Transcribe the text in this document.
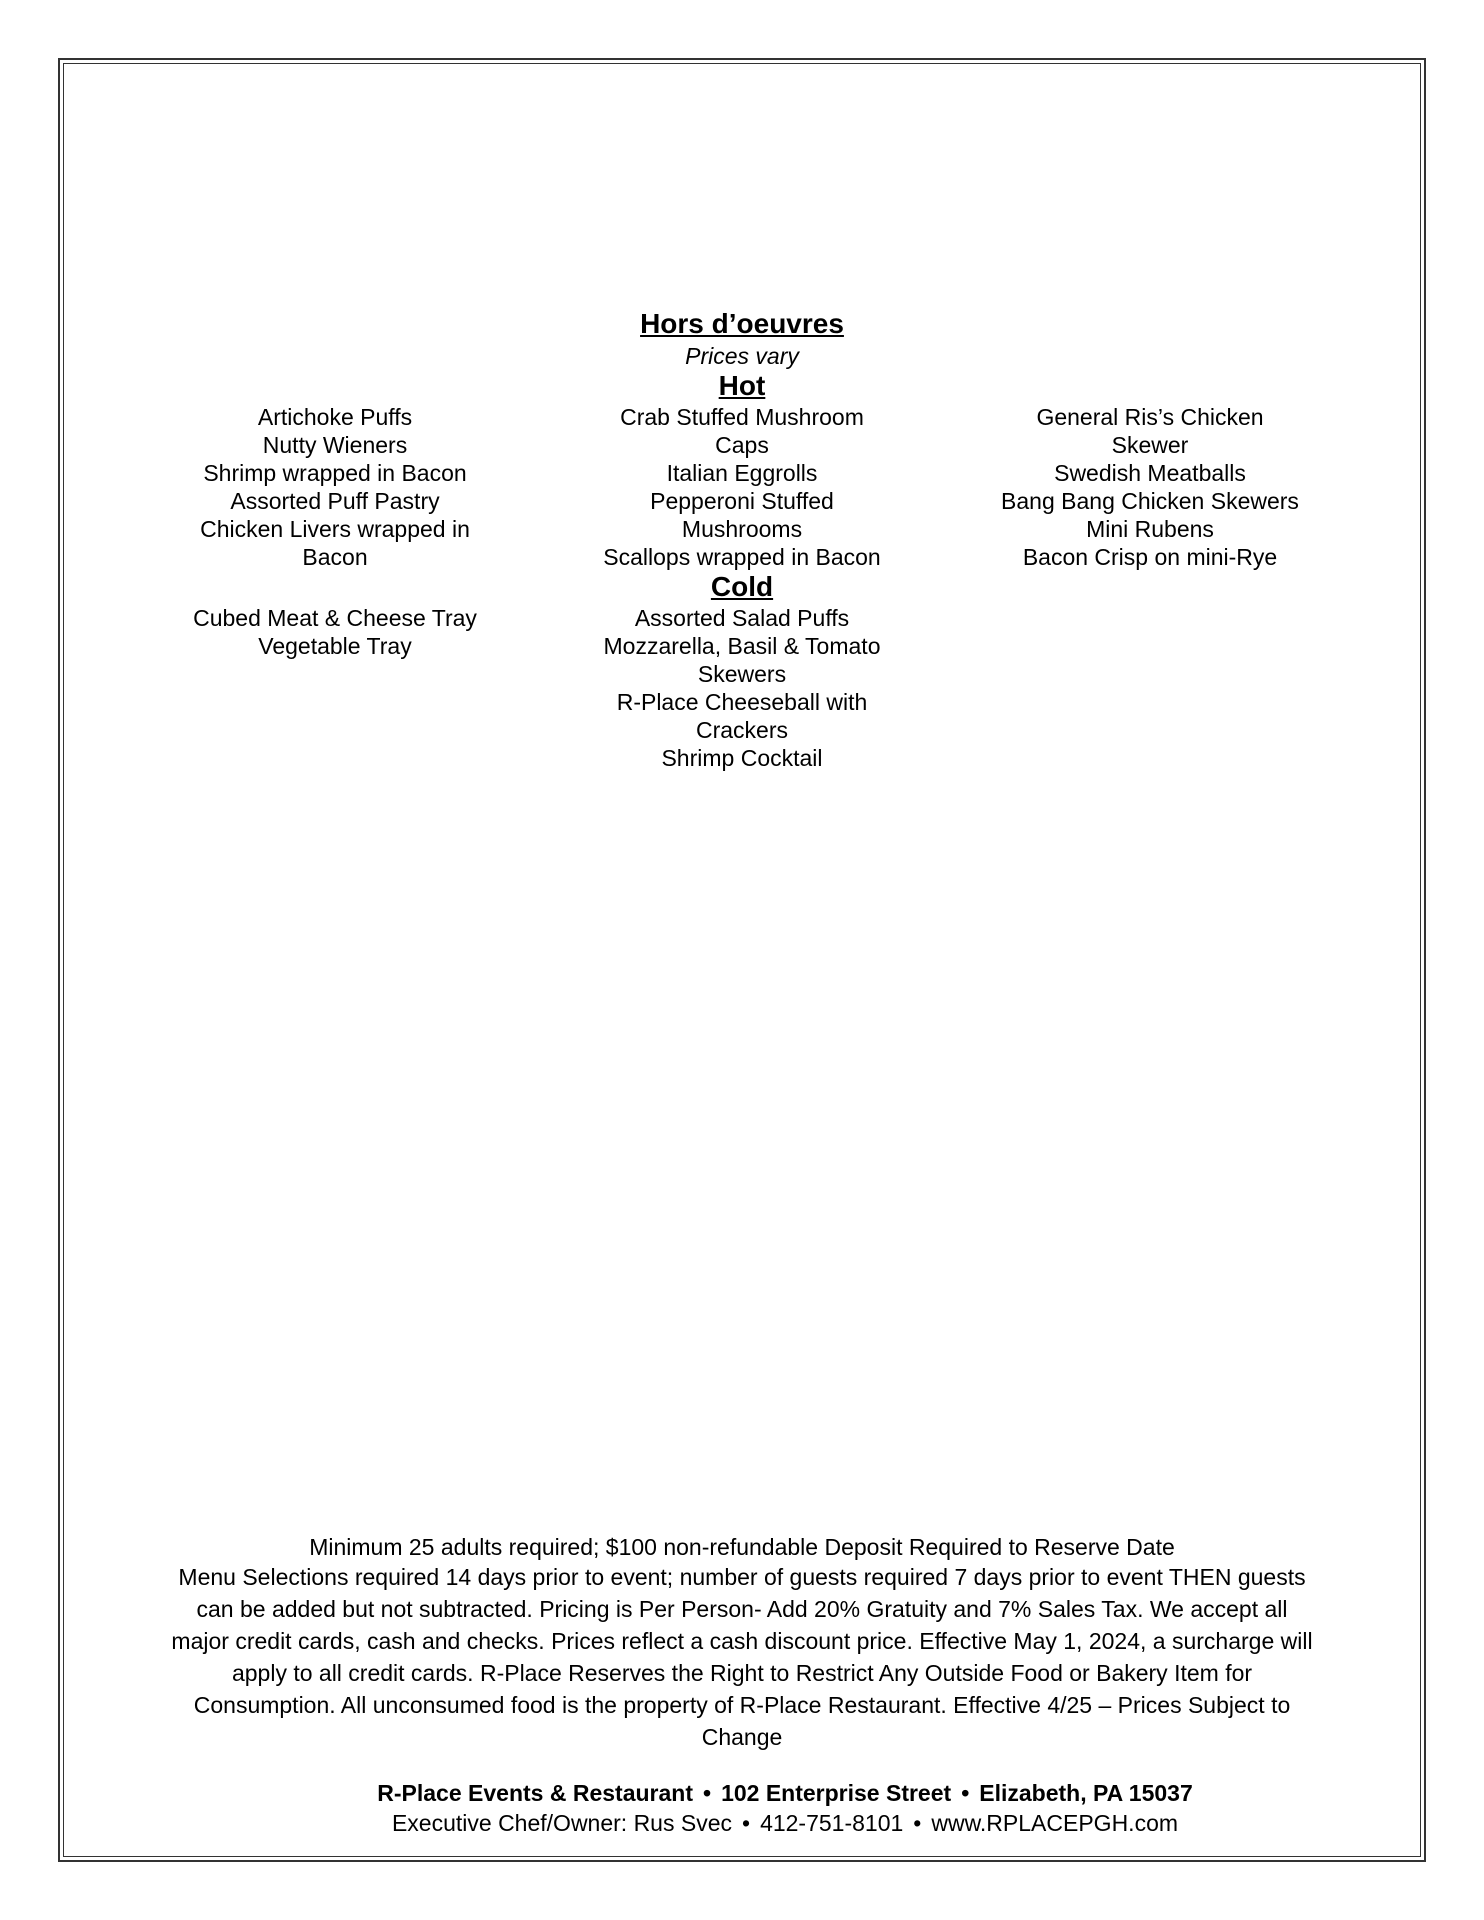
Hors d’oeuvres
Prices vary
Hot
Artichoke Puffs
Nutty Wieners
Shrimp wrapped in Bacon
Assorted Puff Pastry
Chicken Livers wrapped in
Bacon
Crab Stuffed Mushroom
Caps
Italian Eggrolls
Pepperoni Stuffed
Mushrooms
Scallops wrapped in Bacon
General Ris’s Chicken
Skewer
Swedish Meatballs
Bang Bang Chicken Skewers
Mini Rubens
Bacon Crisp on mini-Rye
Cold
Cubed Meat & Cheese Tray
Vegetable Tray
Assorted Salad Puffs
Mozzarella, Basil & Tomato
Skewers
R-Place Cheeseball with
Crackers
Shrimp Cocktail
Minimum 25 adults required; $100 non-refundable Deposit Required to Reserve Date
Menu Selections required 14 days prior to event; number of guests required 7 days prior to event THEN guests can be added but not subtracted. Pricing is Per Person- Add 20% Gratuity and 7% Sales Tax. We accept all major credit cards, cash and checks. Prices reflect a cash discount price. Effective May 1, 2024, a surcharge will apply to all credit cards. R-Place Reserves the Right to Restrict Any Outside Food or Bakery Item for Consumption. All unconsumed food is the property of R-Place Restaurant. Effective 4/25 – Prices Subject to Change
R-Place Events & Restaurant • 102 Enterprise Street • Elizabeth, PA 15037
Executive Chef/Owner: Rus Svec • 412-751-8101 • www.RPLACEPGH.com
